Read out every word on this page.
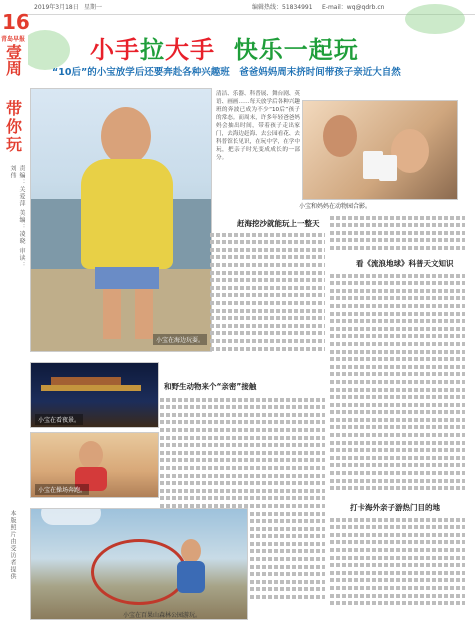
2019年3月18日 星期一	编辑热线：51834991 E-mail：wq@qdrb.cn
16
青岛早报
壹
周
带
你
玩
责编：关爱萍 美编：凌晓 审读：刘伟
本版照片由受访者提供
小手拉大手 快乐一起玩
“10后”的小宝放学后还要奔赴各种兴趣班　爸爸妈妈周末挤时间带孩子亲近大自然
小宝在海边玩耍。
清洁、乐器、科普展、舞台剧、英语、画画……每天放学后各种兴趣班的奔波已成为不少“10后”孩子的常态。而周末，许多年轻爸爸妈妈会抽出时间，带着孩子走出家门，去海边赶海、去公园看花、去科普馆长见识，在玩中学，在学中玩，把亲子时光变成成长的一部分。
小宝和妈妈在动物园合影。
赶海挖沙就能玩上一整天
小宝在看夜景。
小宝在操场奔跑。
和野生动物来个“亲密”接触
小宝在百果山森林公园游玩。
看《流浪地球》科普天文知识
打卡海外亲子游热门目的地
